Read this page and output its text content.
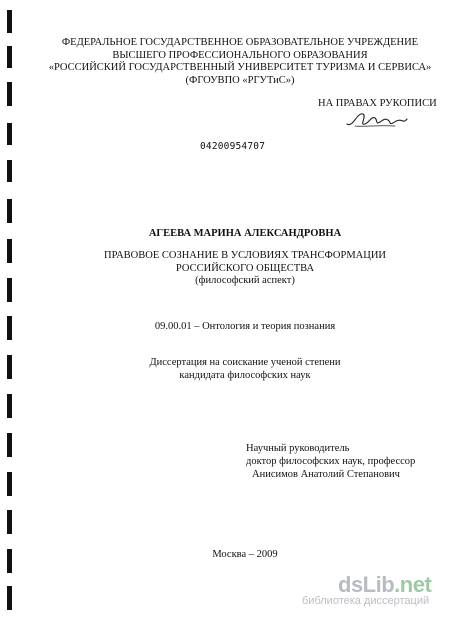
ФЕДЕРАЛЬНОЕ ГОСУДАРСТВЕННОЕ ОБРАЗОВАТЕЛЬНОЕ УЧРЕЖДЕНИЕ
ВЫСШЕГО ПРОФЕССИОНАЛЬНОГО ОБРАЗОВАНИЯ
«РОССИЙСКИЙ ГОСУДАРСТВЕННЫЙ УНИВЕРСИТЕТ ТУРИЗМА И СЕРВИСА»
(ФГОУВПО «РГУТиС»)
НА ПРАВАХ РУКОПИСИ
04200954707
АГЕЕВА МАРИНА АЛЕКСАНДРОВНА
ПРАВОВОЕ СОЗНАНИЕ В УСЛОВИЯХ ТРАНСФОРМАЦИИ
РОССИЙСКОГО ОБЩЕСТВА
(философский аспект)
09.00.01 – Онтология и теория познания
Диссертация на соискание ученой степени
кандидата философских наук
Научный руководитель
доктор философских наук, профессор
Анисимов Анатолий Степанович
Москва – 2009
dsLib.net
библиотека диссертаций
